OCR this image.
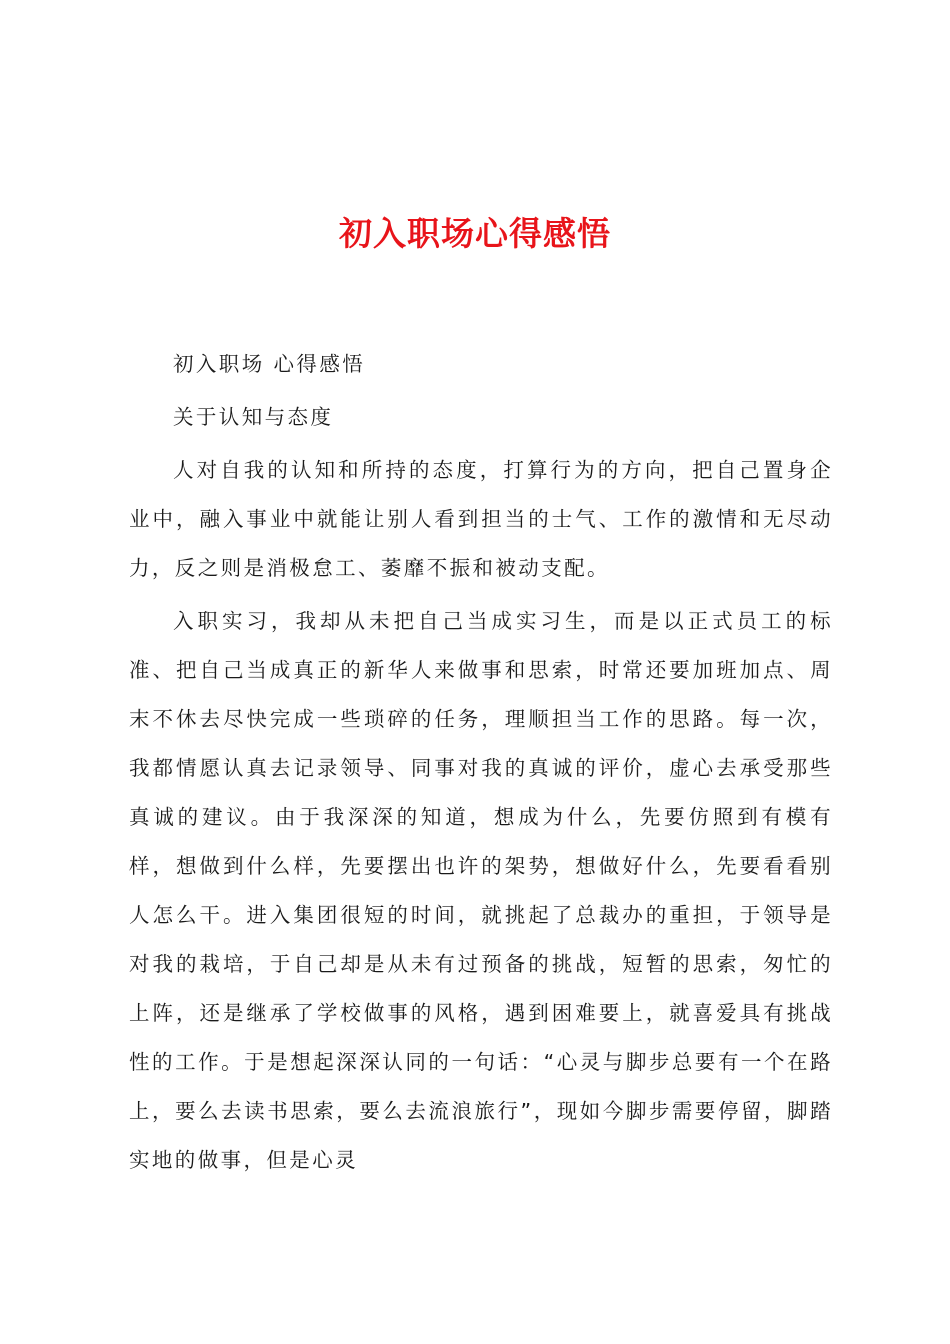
初入职场心得感悟

初入职场 心得感悟

关于认知与态度

人对自我的认知和所持的态度，打算行为的方向，把自己置身企业中，融入事业中就能让别人看到担当的士气、工作的激情和无尽动力，反之则是消极怠工、萎靡不振和被动支配。

入职实习，我却从未把自己当成实习生，而是以正式员工的标准、把自己当成真正的新华人来做事和思索，时常还要加班加点、周末不休去尽快完成一些琐碎的任务，理顺担当工作的思路。每一次，我都情愿认真去记录领导、同事对我的真诚的评价，虚心去承受那些真诚的建议。由于我深深的知道，想成为什么，先要仿照到有模有样，想做到什么样，先要摆出也许的架势，想做好什么，先要看看别人怎么干。进入集团很短的时间，就挑起了总裁办的重担，于领导是对我的栽培，于自己却是从未有过预备的挑战，短暂的思索，匆忙的上阵，还是继承了学校做事的风格，遇到困难要上，就喜爱具有挑战性的工作。于是想起深深认同的一句话：“心灵与脚步总要有一个在路上，要么去读书思索，要么去流浪旅行”，现如今脚步需要停留，脚踏实地的做事，但是心灵
